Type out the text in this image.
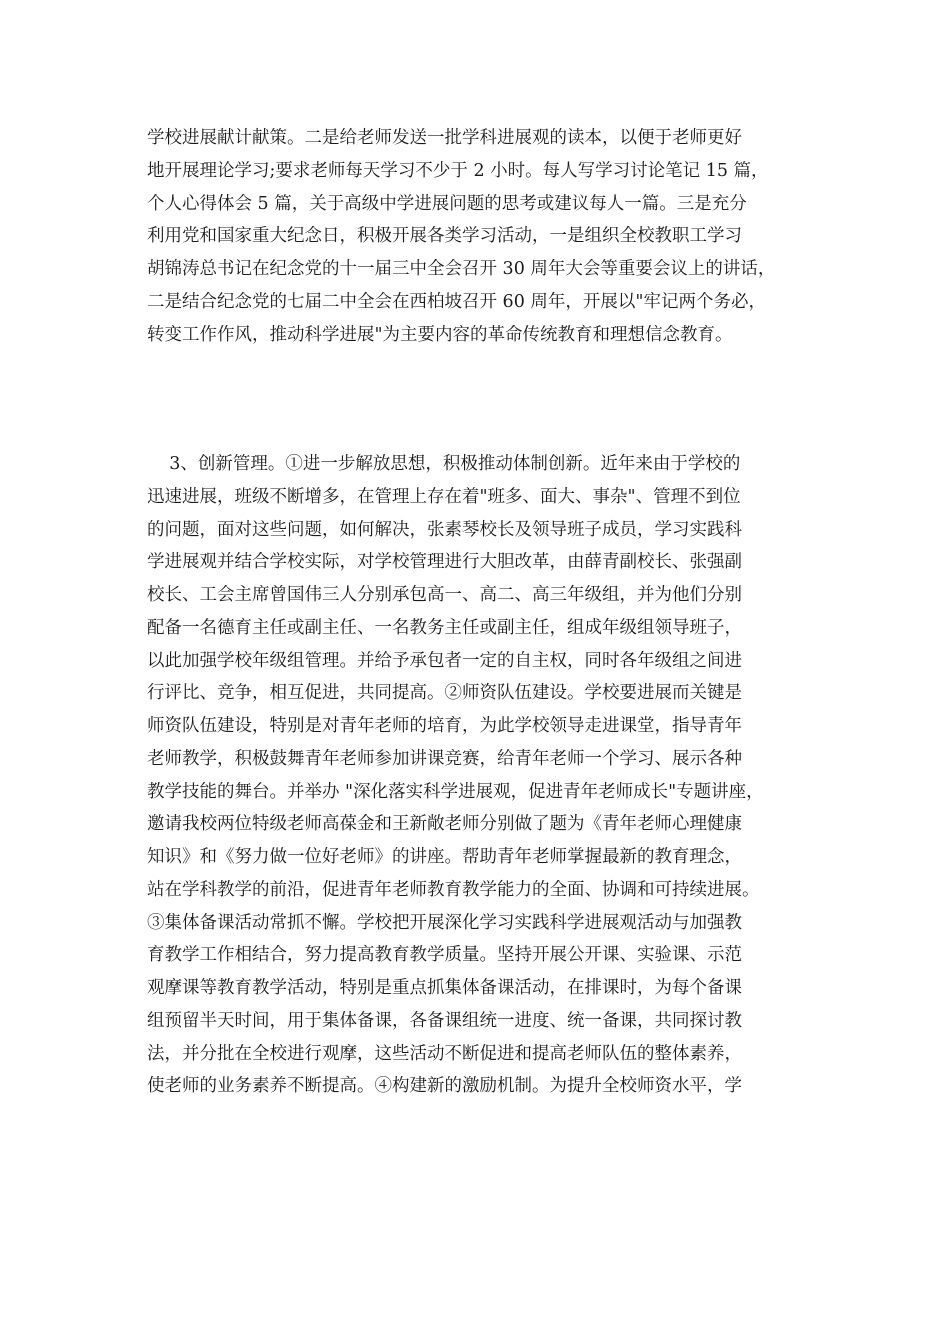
学校进展献计献策。二是给老师发送一批学科进展观的读本，以便于老师更好
地开展理论学习;要求老师每天学习不少于 2 小时。每人写学习讨论笔记 15 篇，
个人心得体会 5 篇，关于高级中学进展问题的思考或建议每人一篇。三是充分
利用党和国家重大纪念日，积极开展各类学习活动，一是组织全校教职工学习
胡锦涛总书记在纪念党的十一届三中全会召开 30 周年大会等重要会议上的讲话，
二是结合纪念党的七届二中全会在西柏坡召开 60 周年，开展以"牢记两个务必，
转变工作作风，推动科学进展"为主要内容的革命传统教育和理想信念教育。
3、创新管理。①进一步解放思想，积极推动体制创新。近年来由于学校的
迅速进展，班级不断增多，在管理上存在着"班多、面大、事杂"、管理不到位
的问题，面对这些问题，如何解决，张素琴校长及领导班子成员，学习实践科
学进展观并结合学校实际，对学校管理进行大胆改革，由薛青副校长、张强副
校长、工会主席曾国伟三人分别承包高一、高二、高三年级组，并为他们分别
配备一名德育主任或副主任、一名教务主任或副主任，组成年级组领导班子，
以此加强学校年级组管理。并给予承包者一定的自主权，同时各年级组之间进
行评比、竞争，相互促进，共同提高。②师资队伍建设。学校要进展而关键是
师资队伍建设，特别是对青年老师的培育，为此学校领导走进课堂，指导青年
老师教学，积极鼓舞青年老师参加讲课竞赛，给青年老师一个学习、展示各种
教学技能的舞台。并举办 "深化落实科学进展观，促进青年老师成长"专题讲座，
邀请我校两位特级老师高葆金和王新敞老师分别做了题为《青年老师心理健康
知识》和《努力做一位好老师》的讲座。帮助青年老师掌握最新的教育理念，
站在学科教学的前沿，促进青年老师教育教学能力的全面、协调和可持续进展。
③集体备课活动常抓不懈。学校把开展深化学习实践科学进展观活动与加强教
育教学工作相结合，努力提高教育教学质量。坚持开展公开课、实验课、示范
观摩课等教育教学活动，特别是重点抓集体备课活动，在排课时，为每个备课
组预留半天时间，用于集体备课，各备课组统一进度、统一备课，共同探讨教
法，并分批在全校进行观摩，这些活动不断促进和提高老师队伍的整体素养，
使老师的业务素养不断提高。④构建新的激励机制。为提升全校师资水平，学
